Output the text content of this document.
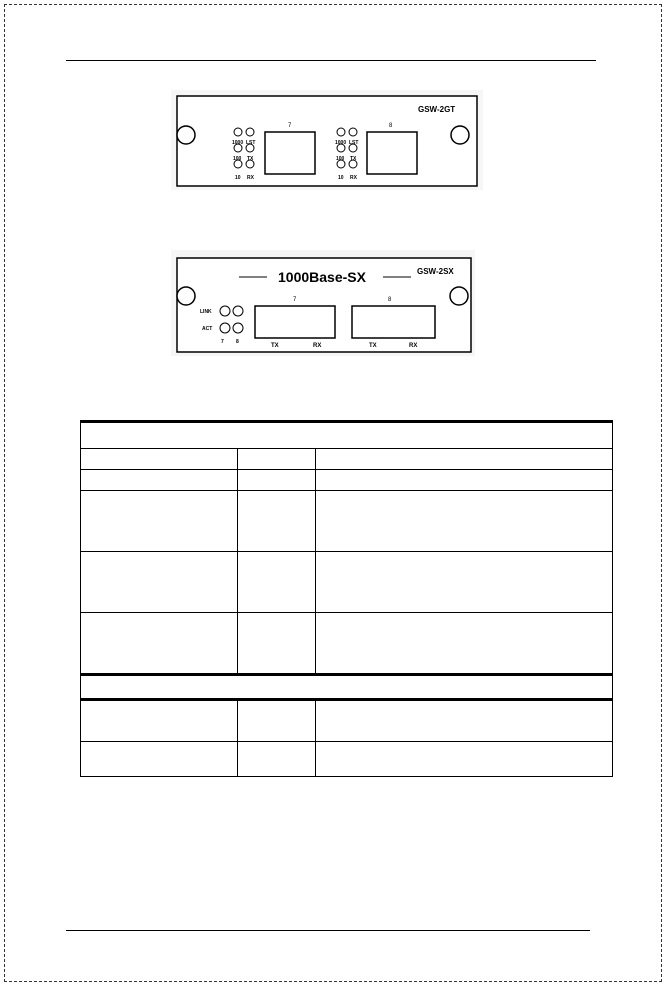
GSW-2GT
1000 LST
100 TX
10 RX
7
1000 LST
100 TX
10 RX
8
1000Base-SX	GSW-2SX
LINK
ACT
7 8
7
TX	RX
8
TX	RX
